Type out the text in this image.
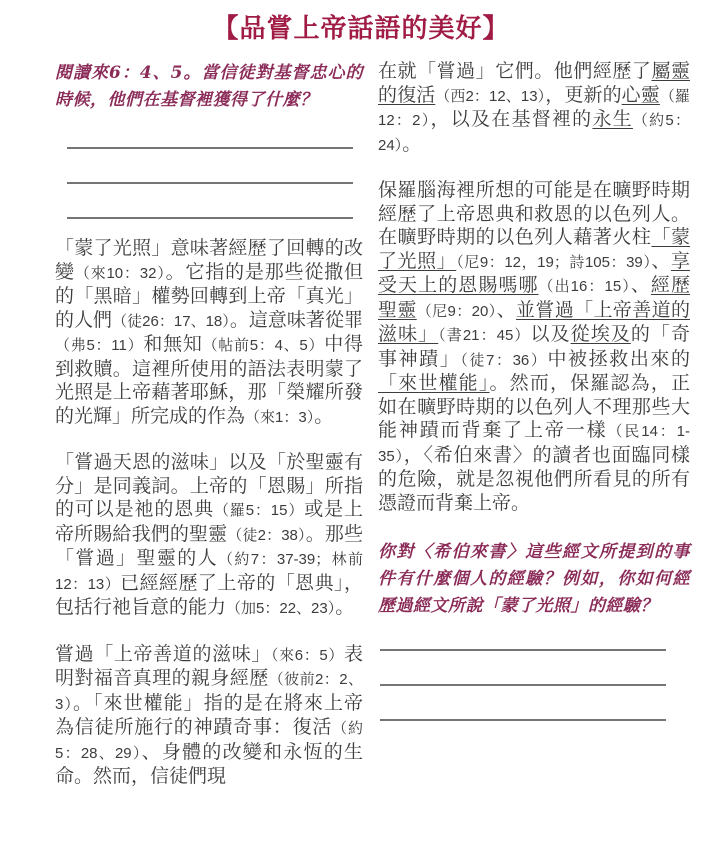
【品嘗上帝話語的美好】
閱讀來6：4、5。當信徒對基督忠心的時候，他們在基督裡獲得了什麼？

「蒙了光照」意味著經歷了回轉的改變（來10：32）。它指的是那些從撒但的「黑暗」權勢回轉到上帝「真光」的人們（徒26：17、18）。這意味著從罪（弗5：11）和無知（帖前5：4、5）中得到救贖。這裡所使用的語法表明蒙了光照是上帝藉著耶穌，那「榮耀所發的光輝」所完成的作為（來1：3）。

「嘗過天恩的滋味」以及「於聖靈有分」是同義詞。上帝的「恩賜」所指的可以是祂的恩典（羅5：15）或是上帝所賜給我們的聖靈（徒2：38）。那些「嘗過」聖靈的人（約7：37-39；林前12：13）已經經歷了上帝的「恩典」，包括行祂旨意的能力（加5：22、23）。

嘗過「上帝善道的滋味」（來6：5）表明對福音真理的親身經歷（彼前2：2、3）。「來世權能」指的是在將來上帝為信徒所施行的神蹟奇事：復活（約5：28、29）、身體的改變和永恆的生命。然而，信徒們現

在就「嘗過」它們。他們經歷了屬靈的復活（西2：12、13），更新的心靈（羅12：2），以及在基督裡的永生（約5：24）。

保羅腦海裡所想的可能是在曠野時期經歷了上帝恩典和救恩的以色列人。在曠野時期的以色列人藉著火柱「蒙了光照」（尼9：12，19；詩105：39）、享受天上的恩賜嗎哪（出16：15）、經歷聖靈（尼9：20）、並嘗過「上帝善道的滋味」（書21：45）以及從埃及的「奇事神蹟」（徒7：36）中被拯救出來的「來世權能」。然而，保羅認為，正如在曠野時期的以色列人不理那些大能神蹟而背棄了上帝一樣（民14：1-35），〈希伯來書〉的讀者也面臨同樣的危險，就是忽視他們所看見的所有憑證而背棄上帝。

你對〈希伯來書〉這些經文所提到的事件有什麼個人的經驗？例如，你如何經歷過經文所說「蒙了光照」的經驗？
